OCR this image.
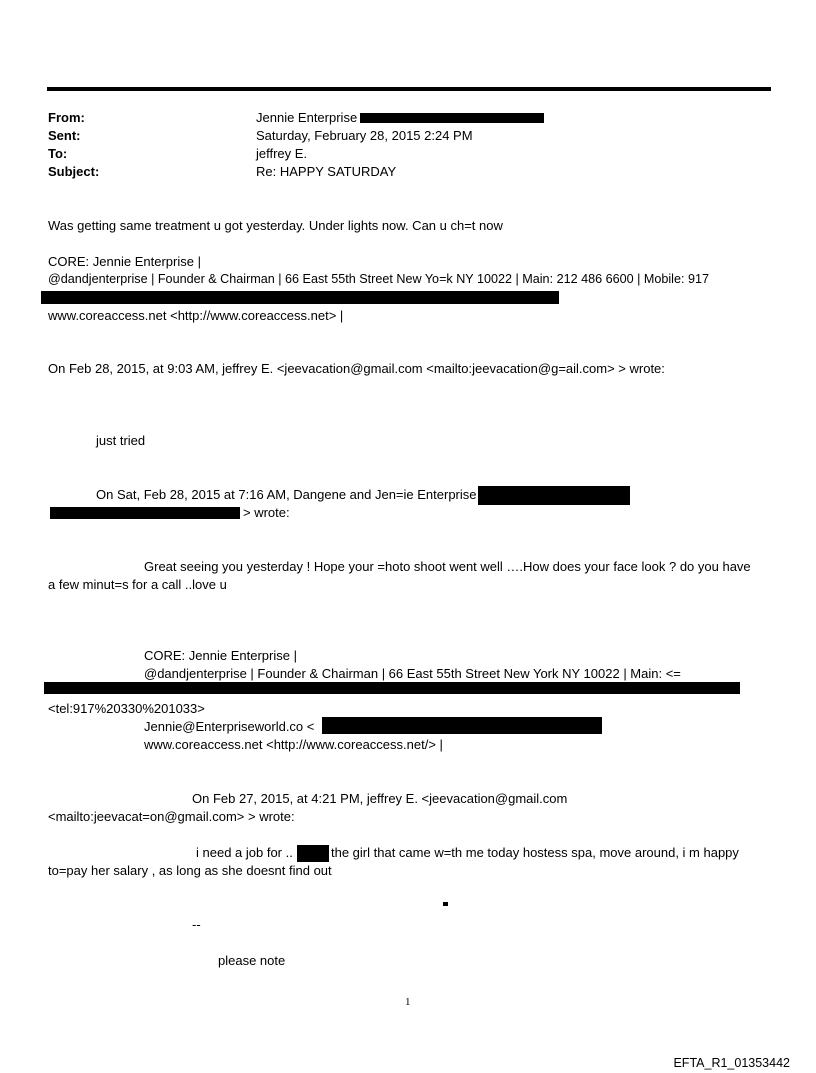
From:	Jennie Enterprise
Sent:	Saturday, February 28, 2015 2:24 PM
To:	jeffrey E.
Subject:	Re: HAPPY SATURDAY
Was getting same treatment u got yesterday. Under lights now. Can u ch=t now
CORE: Jennie Enterprise |
@dandjenterprise | Founder & Chairman | 66 East 55th Street New Yo=k NY 10022 | Main: 212 486 6600 | Mobile: 917
www.coreaccess.net <http://www.coreaccess.net> |
On Feb 28, 2015, at 9:03 AM, jeffrey E. <jeevacation@gmail.com <mailto:jeevacation@g=ail.com> > wrote:
just tried
On Sat, Feb 28, 2015 at 7:16 AM, Dangene and Jen=ie Enterprise
> wrote:
Great seeing you yesterday ! Hope your =hoto shoot went well ….How does your face look ? do you have
a few minut=s for a call ..love u
CORE: Jennie Enterprise |
@dandjenterprise | Founder & Chairman | 66 East 55th Street New York NY 10022 | Main: <=
<tel:917%20330%201033>
Jennie@Enterpriseworld.co <
www.coreaccess.net <http://www.coreaccess.net/> |
On Feb 27, 2015, at 4:21 PM, jeffrey E. <jeevacation@gmail.com
<mailto:jeevacat=on@gmail.com> > wrote:
i need a job for ..	the girl that came w=th me today hostess spa, move around, i m happy
to=pay her salary , as long as she doesnt find out
--
please note
1
EFTA_R1_01353442
